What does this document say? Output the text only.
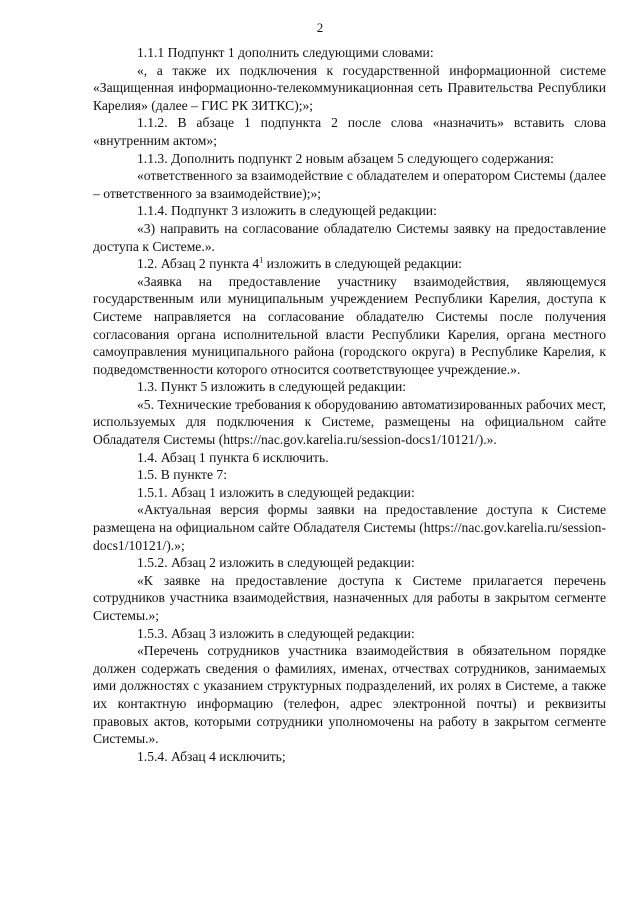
2

1.1.1 Подпункт 1 дополнить следующими словами:

«, а также их подключения к государственной информационной системе «Защищенная информационно-телекоммуникационная сеть Правительства Республики Карелия» (далее – ГИС РК ЗИТКС);»;

1.1.2. В абзаце 1 подпункта 2 после слова «назначить» вставить слова «внутренним актом»;

1.1.3. Дополнить подпункт 2 новым абзацем 5 следующего содержания:

«ответственного за взаимодействие с обладателем и оператором Системы (далее – ответственного за взаимодействие);»;

1.1.4. Подпункт 3 изложить в следующей редакции:

«3) направить на согласование обладателю Системы заявку на предоставление доступа к Системе.».

1.2. Абзац 2 пункта $4^1$ изложить в следующей редакции:

«Заявка на предоставление участнику взаимодействия, являющемуся государственным или муниципальным учреждением Республики Карелия, доступа к Системе направляется на согласование обладателю Системы после получения согласования органа исполнительной власти Республики Карелия, органа местного самоуправления муниципального района (городского округа) в Республике Карелия, к подведомственности которого относится соответствующее учреждение.».

1.3. Пункт 5 изложить в следующей редакции:

«5. Технические требования к оборудованию автоматизированных рабочих мест, используемых для подключения к Системе, размещены на официальном сайте Обладателя Системы (https://nac.gov.karelia.ru/session-docs1/10121/).».

1.4. Абзац 1 пункта 6 исключить.

1.5. В пункте 7:

1.5.1. Абзац 1 изложить в следующей редакции:

«Актуальная версия формы заявки на предоставление доступа к Системе размещена на официальном сайте Обладателя Системы (https://nac.gov.karelia.ru/session-docs1/10121/).»;

1.5.2. Абзац 2 изложить в следующей редакции:

«К заявке на предоставление доступа к Системе прилагается перечень сотрудников участника взаимодействия, назначенных для работы в закрытом сегменте Системы.»;

1.5.3. Абзац 3 изложить в следующей редакции:

«Перечень сотрудников участника взаимодействия в обязательном порядке должен содержать сведения о фамилиях, именах, отчествах сотрудников, занимаемых ими должностях с указанием структурных подразделений, их ролях в Системе, а также их контактную информацию (телефон, адрес электронной почты) и реквизиты правовых актов, которыми сотрудники уполномочены на работу в закрытом сегменте Системы.».

1.5.4. Абзац 4 исключить;
